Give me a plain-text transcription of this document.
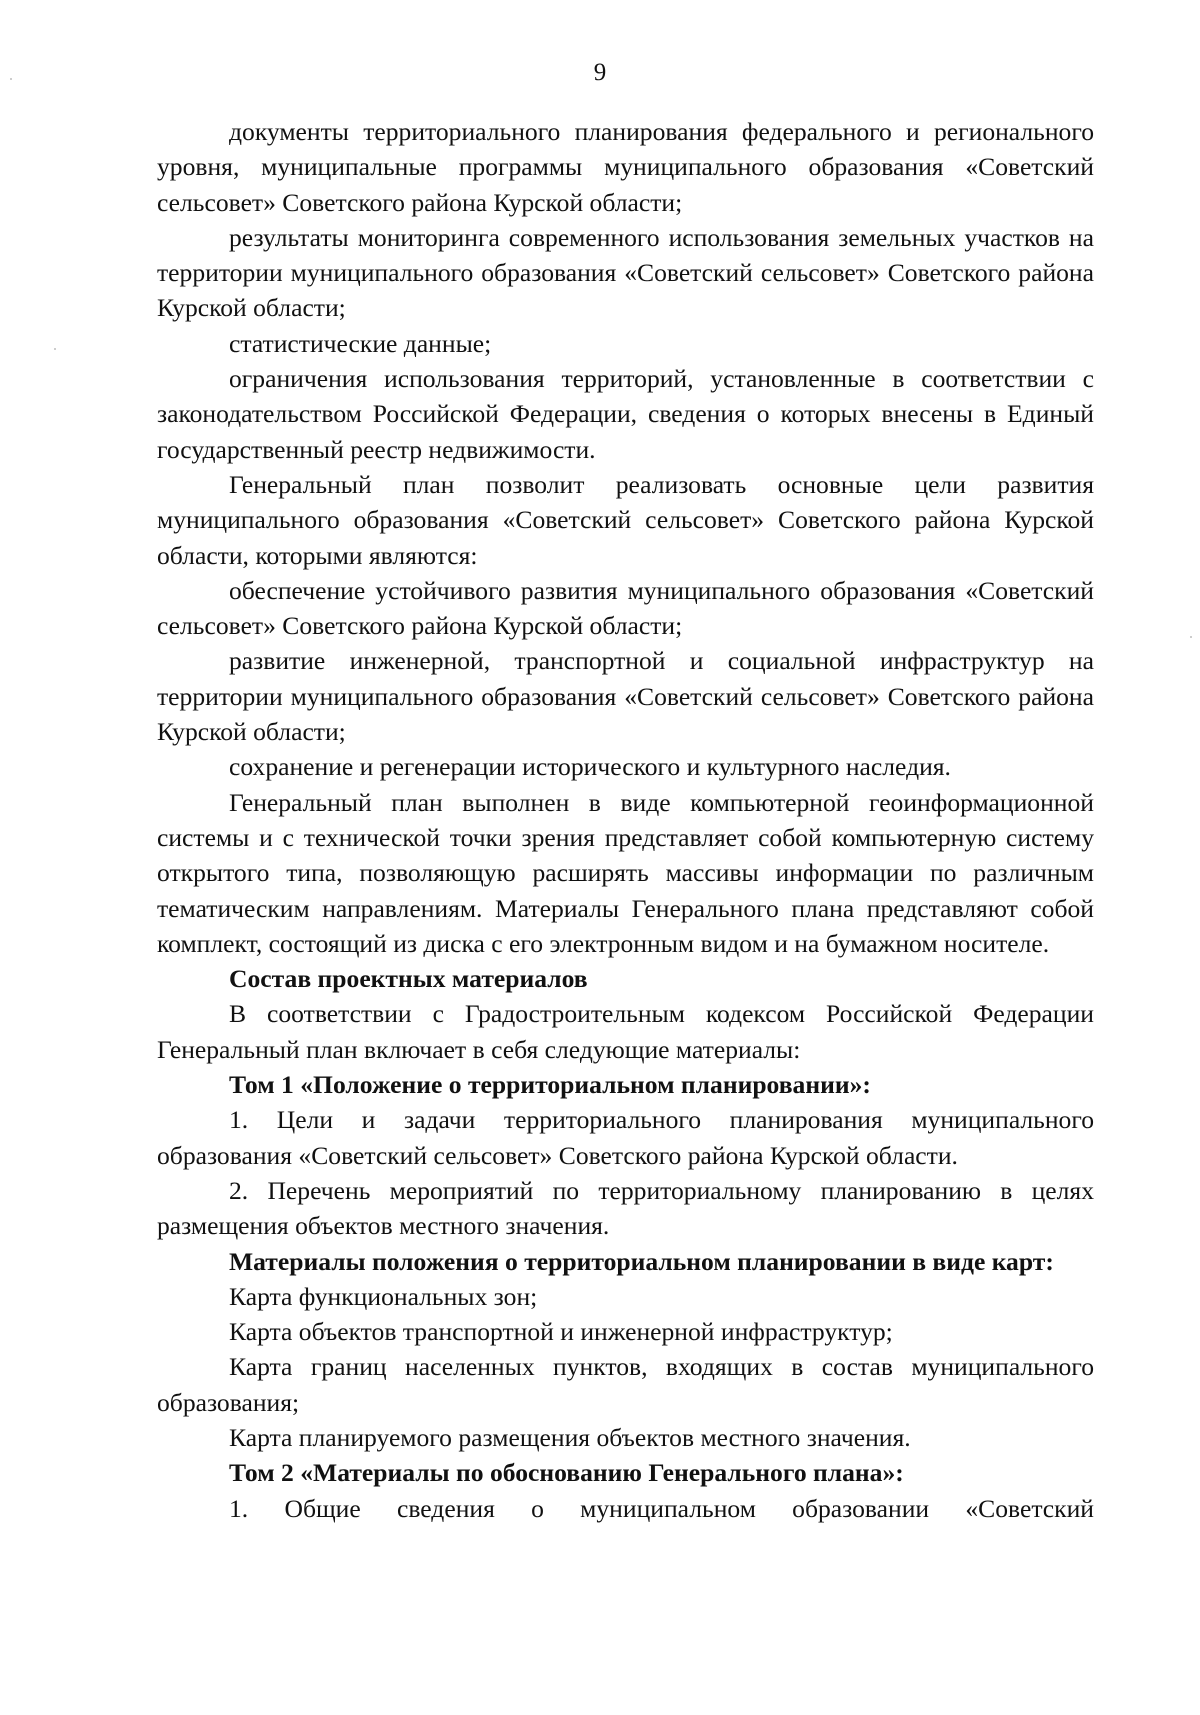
9

документы территориального планирования федерального и регионального уровня, муниципальные программы муниципального образования «Советский сельсовет» Советского района Курской области;

результаты мониторинга современного использования земельных участков на территории муниципального образования «Советский сельсовет» Советского района Курской области;

статистические данные;

ограничения использования территорий, установленные в соответствии с законодательством Российской Федерации, сведения о которых внесены в Единый государственный реестр недвижимости.

Генеральный план позволит реализовать основные цели развития муниципального образования «Советский сельсовет» Советского района Курской области, которыми являются:

обеспечение устойчивого развития муниципального образования «Советский сельсовет» Советского района Курской области;

развитие инженерной, транспортной и социальной инфраструктур на территории муниципального образования «Советский сельсовет» Советского района Курской области;

сохранение и регенерации исторического и культурного наследия.

Генеральный план выполнен в виде компьютерной геоинформационной системы и с технической точки зрения представляет собой компьютерную систему открытого типа, позволяющую расширять массивы информации по различным тематическим направлениям. Материалы Генерального плана представляют собой комплект, состоящий из диска с его электронным видом и на бумажном носителе.

Состав проектных материалов

В соответствии с Градостроительным кодексом Российской Федерации Генеральный план включает в себя следующие материалы:

Том 1 «Положение о территориальном планировании»:

1. Цели и задачи территориального планирования муниципального образования «Советский сельсовет» Советского района Курской области.

2. Перечень мероприятий по территориальному планированию в целях размещения объектов местного значения.

Материалы положения о территориальном планировании в виде карт:

Карта функциональных зон;

Карта объектов транспортной и инженерной инфраструктур;

Карта границ населенных пунктов, входящих в состав муниципального образования;

Карта планируемого размещения объектов местного значения.

Том 2 «Материалы по обоснованию Генерального плана»:

1. Общие сведения о муниципальном образовании «Советский
